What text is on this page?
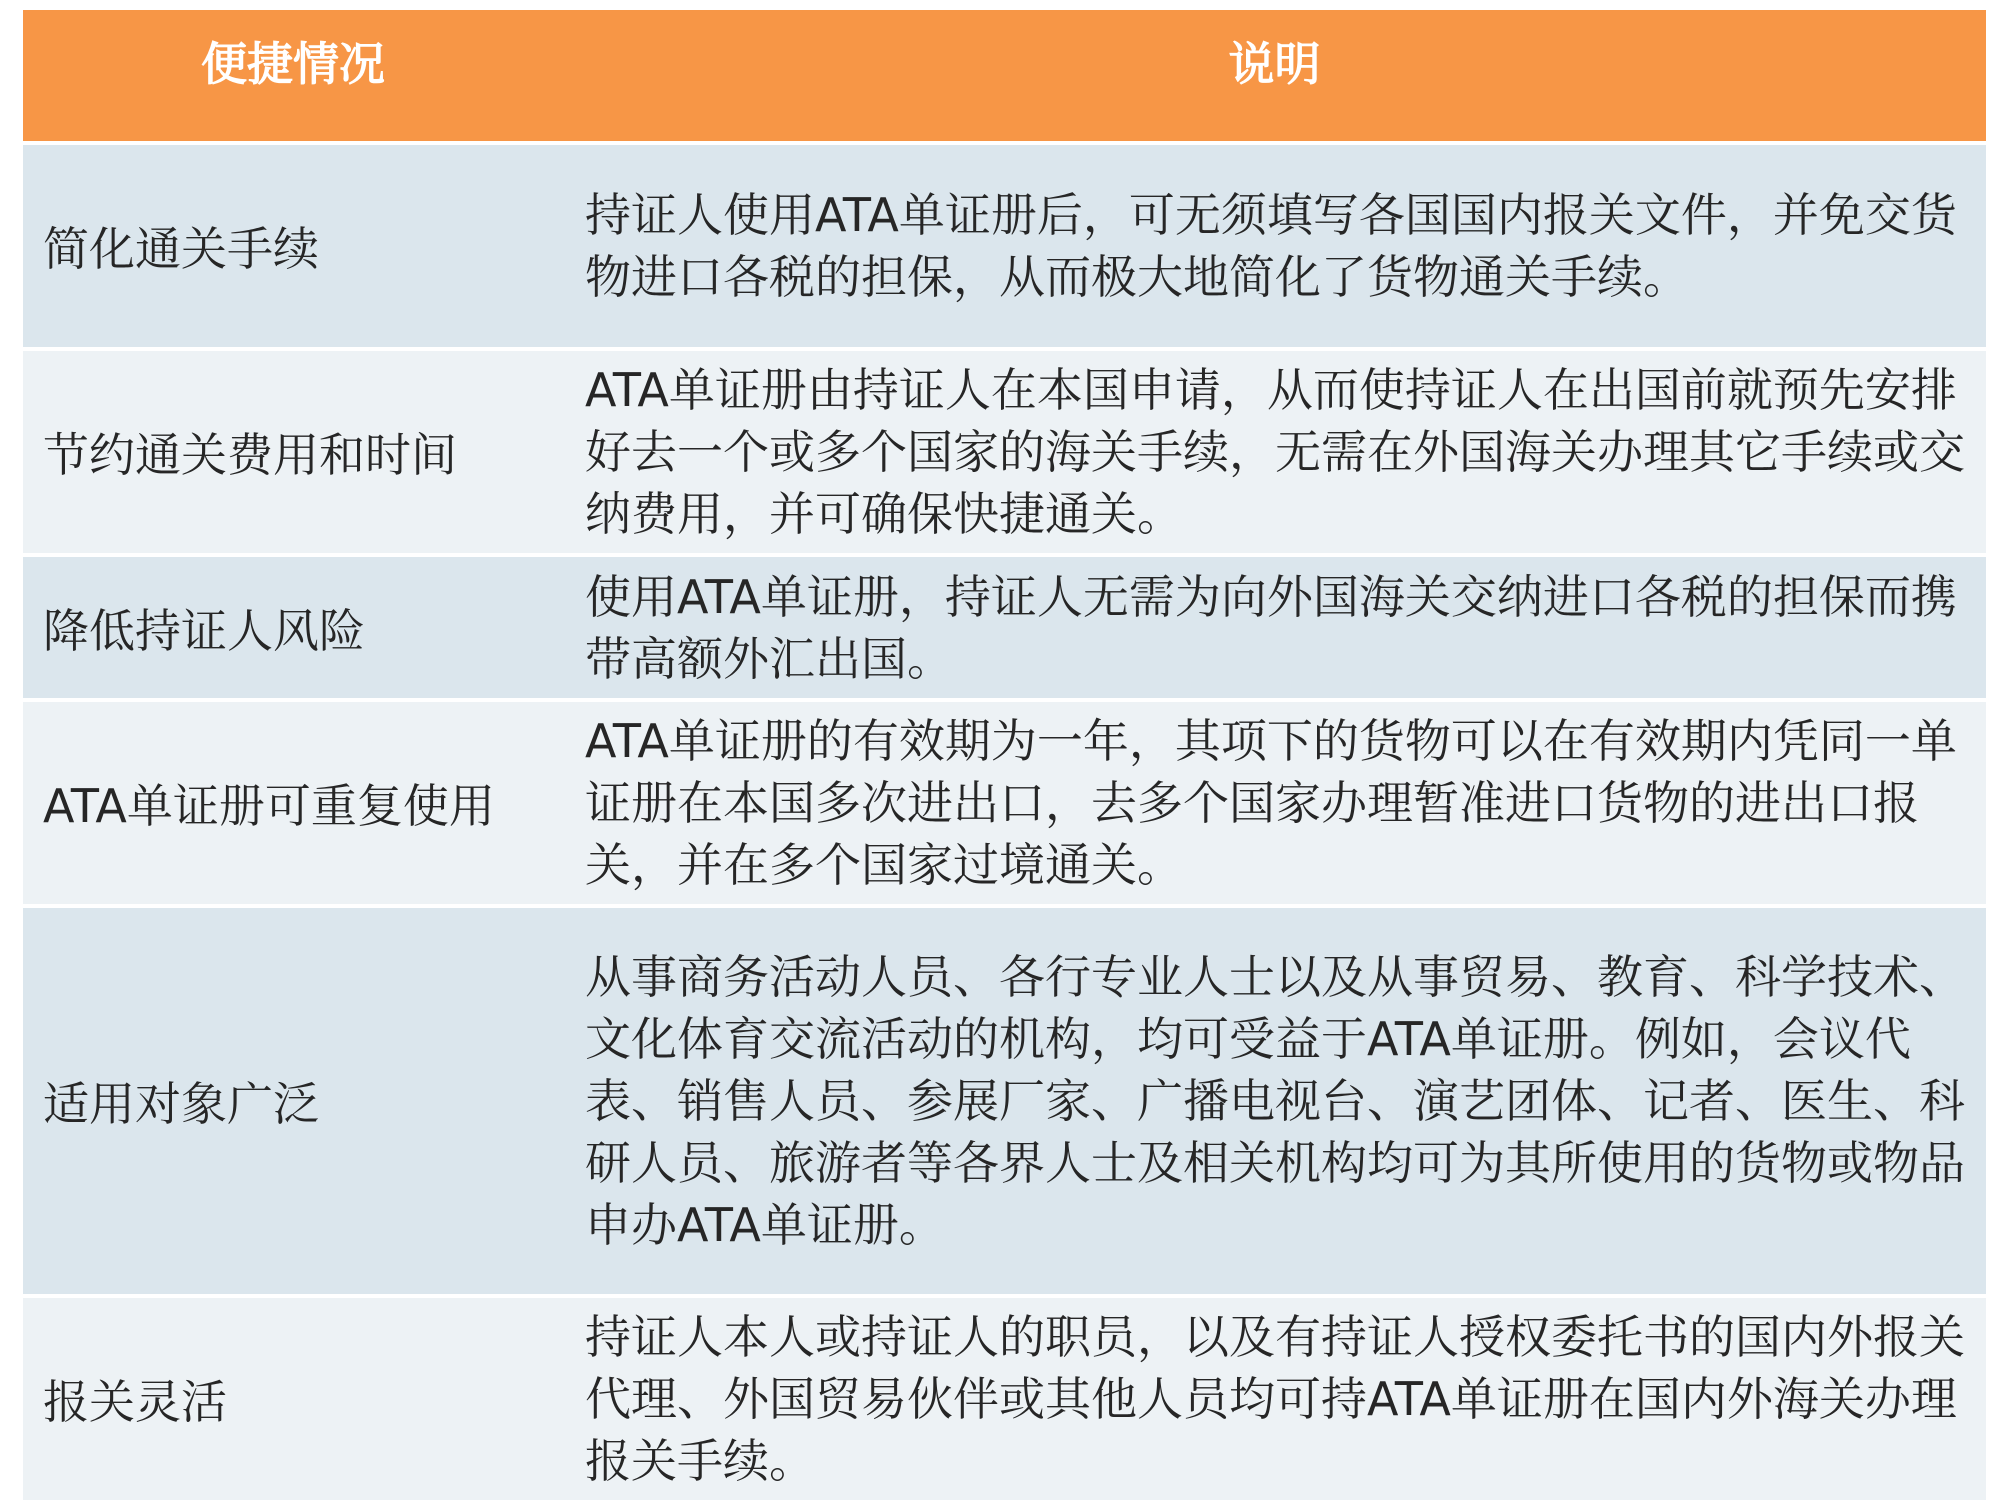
便捷情况	说明
简化通关手续
持证人使用ATA单证册后，可无须填写各国国内报关文件，并免交货物进口各税的担保，从而极大地简化了货物通关手续。
节约通关费用和时间
ATA单证册由持证人在本国申请，从而使持证人在出国前就预先安排好去一个或多个国家的海关手续，无需在外国海关办理其它手续或交纳费用，并可确保快捷通关。
降低持证人风险
使用ATA单证册，持证人无需为向外国海关交纳进口各税的担保而携带高额外汇出国。
ATA单证册可重复使用
ATA单证册的有效期为一年，其项下的货物可以在有效期内凭同一单证册在本国多次进出口，去多个国家办理暂准进口货物的进出口报关，并在多个国家过境通关。
适用对象广泛
从事商务活动人员、各行专业人士以及从事贸易、教育、科学技术、文化体育交流活动的机构，均可受益于ATA单证册。例如，会议代表、销售人员、参展厂家、广播电视台、演艺团体、记者、医生、科研人员、旅游者等各界人士及相关机构均可为其所使用的货物或物品申办ATA单证册。
报关灵活
持证人本人或持证人的职员，以及有持证人授权委托书的国内外报关代理、外国贸易伙伴或其他人员均可持ATA单证册在国内外海关办理报关手续。
